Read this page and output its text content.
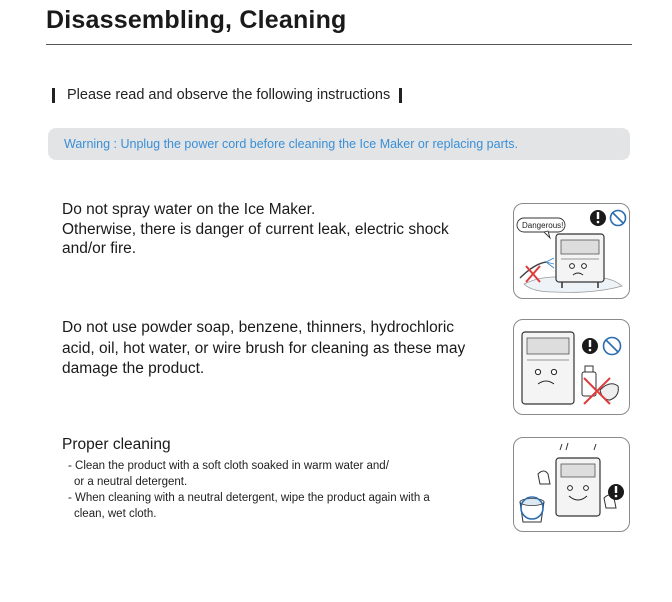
Disassembling, Cleaning
Please read and observe the following instructions
Warning : Unplug the power cord before cleaning the Ice Maker or replacing parts.
Do not spray water on the Ice Maker.
Otherwise, there is danger of current leak, electric shock
and/or fire.
Dangerous!
Do not use powder soap, benzene, thinners, hydrochloric
acid, oil, hot water, or wire brush for cleaning as these may
damage the product.
Proper cleaning
- Clean the product with a soft cloth soaked in warm water and/
or a neutral detergent.
- When cleaning with a neutral detergent, wipe the product again with a
clean, wet cloth.
